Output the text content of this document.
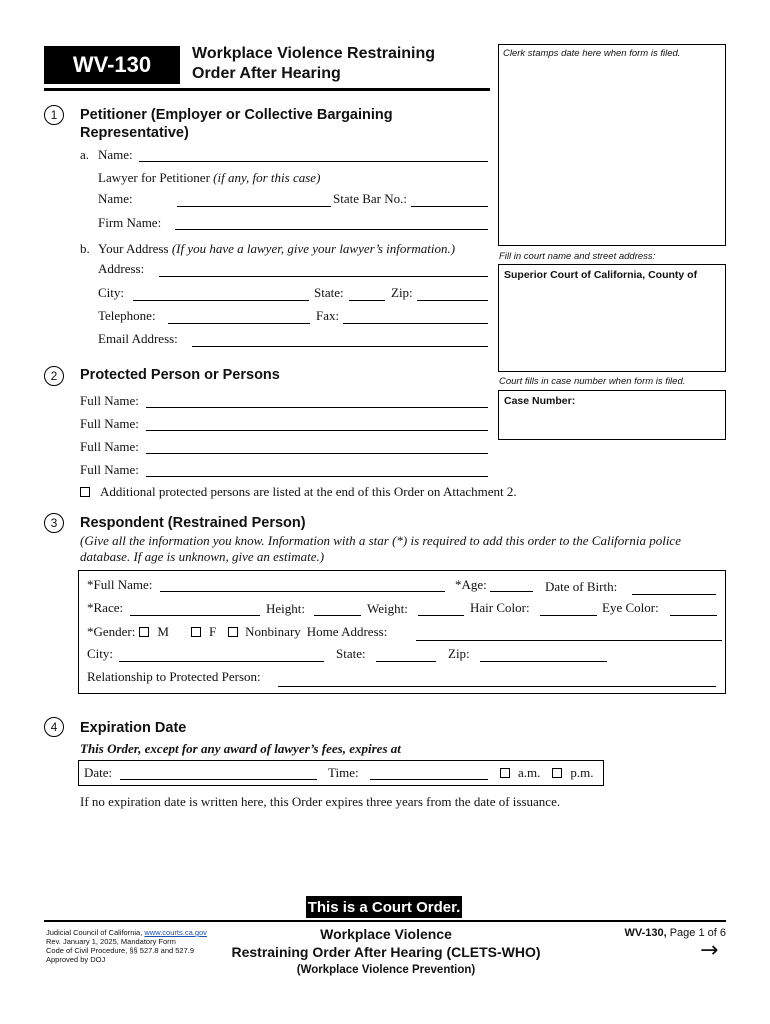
WV-130	Workplace Violence Restraining
Order After Hearing
Clerk stamps date here when form is filed.
Fill in court name and street address:
Superior Court of California, County of
Court fills in case number when form is filed.
Case Number:
1	Petitioner (Employer or Collective Bargaining
Representative)
a. Name:
Lawyer for Petitioner (if any, for this case)
Name:	State Bar No.:
Firm Name:
b. Your Address (If you have a lawyer, give your lawyer’s information.)
Address:
City:	State:	Zip:
Telephone:	Fax:
Email Address:
2	Protected Person or Persons
Full Name:
Full Name:
Full Name:
Full Name:
Additional protected persons are listed at the end of this Order on Attachment 2.
3	Respondent (Restrained Person)
(Give all the information you know. Information with a star (*) is required to add this order to the California police
database. If age is unknown, give an estimate.)
*Full Name:	*Age:	Date of Birth:
*Race:	Height:	Weight:	Hair Color:	Eye Color:
*Gender: M	F Nonbinary Home Address:
City:	State:	Zip:
Relationship to Protected Person:
4	Expiration Date
This Order, except for any award of lawyer’s fees, expires at
Date:	Time:	a.m. p.m.
If no expiration date is written here, this Order expires three years from the date of issuance.
This is a Court Order.
Judicial Council of California, www.courts.ca.gov
Rev. January 1, 2025, Mandatory Form
Code of Civil Procedure, §§ 527.8 and 527.9
Approved by DOJ
Workplace Violence
Restraining Order After Hearing (CLETS-WHO)
(Workplace Violence Prevention)
WV-130, Page 1 of 6
→
